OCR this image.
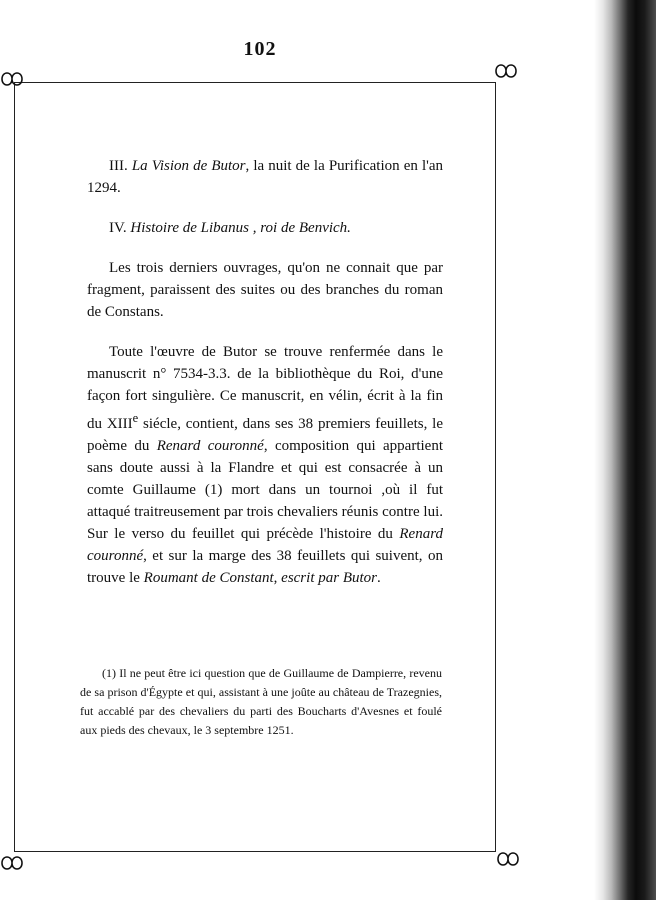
102

III. La Vision de Butor, la nuit de la Purification en l'an 1294.

IV. Histoire de Libanus , roi de Benvich.

Les trois derniers ouvrages, qu'on ne connait que par fragment, paraissent des suites ou des branches du roman de Constans.

Toute l'œuvre de Butor se trouve renfermée dans le manuscrit n° 7534-3.3. de la bibliothèque du Roi, d'une façon fort singulière. Ce manuscrit, en vélin, écrit à la fin du XIIIe siécle, contient, dans ses 38 premiers feuillets, le poème du Renard couronné, composition qui appartient sans doute aussi à la Flandre et qui est consacrée à un comte Guillaume (1) mort dans un tournoi ,où il fut attaqué traitreusement par trois chevaliers réunis contre lui. Sur le verso du feuillet qui précède l'histoire du Renard couronné, et sur la marge des 38 feuillets qui suivent, on trouve le Roumant de Constant, escrit par Butor.

(1) Il ne peut être ici question que de Guillaume de Dampierre, revenu de sa prison d'Égypte et qui, assistant à une joûte au château de Trazegnies, fut accablé par des chevaliers du parti des Boucharts d'Avesnes et foulé aux pieds des chevaux, le 3 septembre 1251.
